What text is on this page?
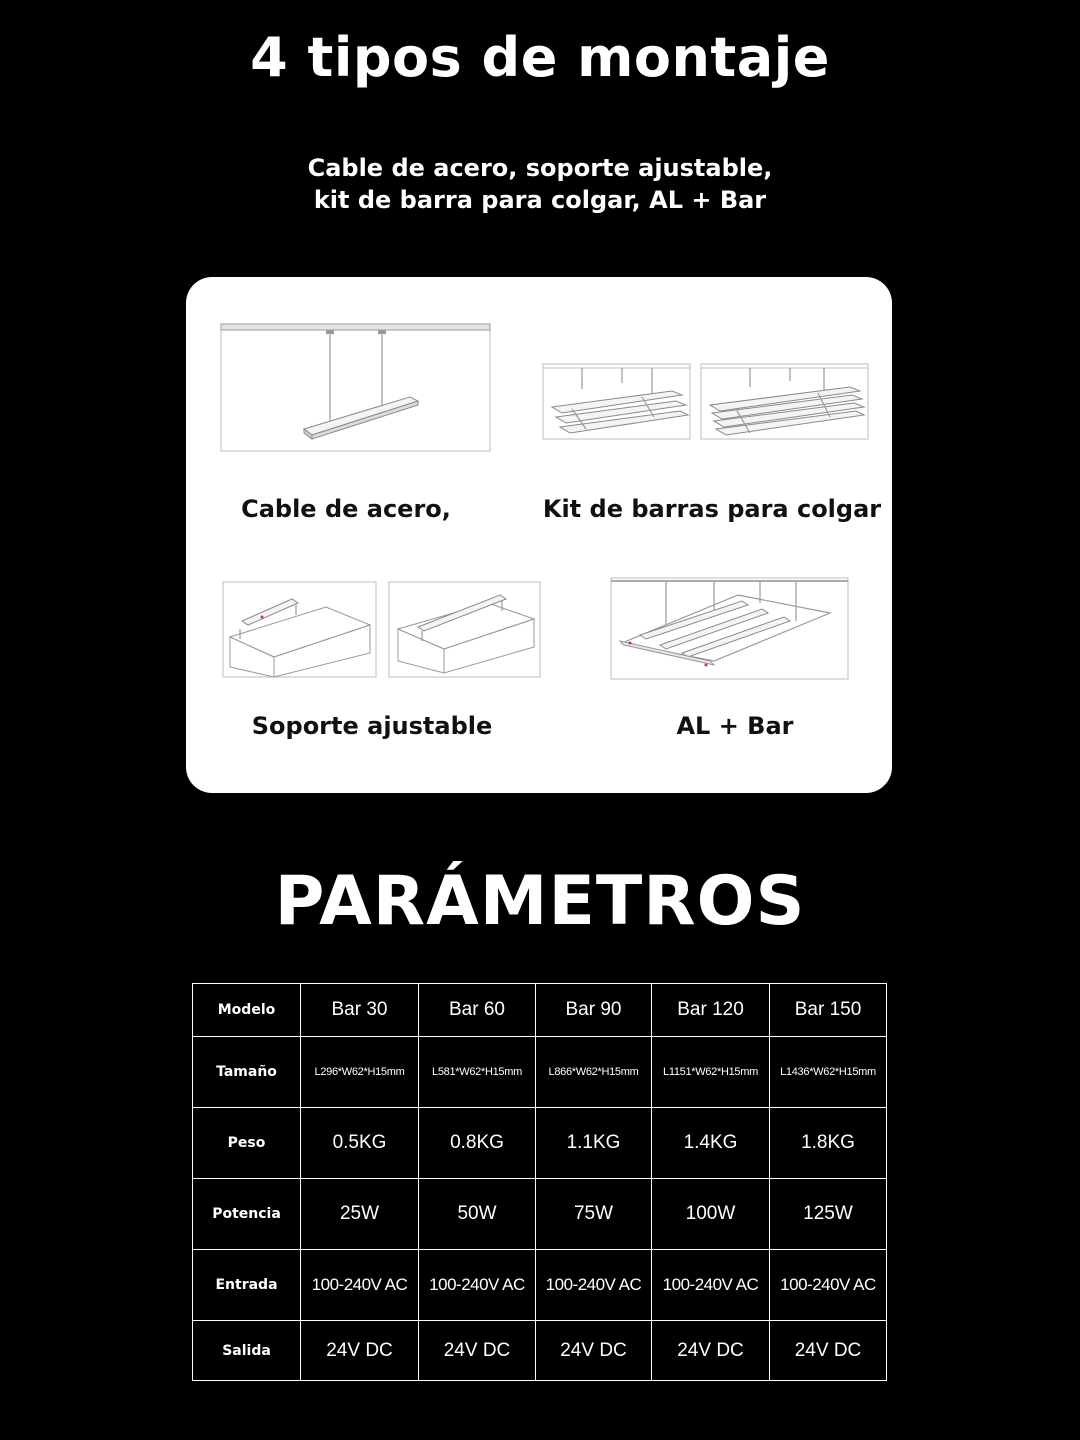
4 tipos de montaje
Cable de acero, soporte ajustable,
kit de barra para colgar, AL + Bar
Cable de acero,	Kit de barras para colgar
Soporte ajustable	AL + Bar
PARÁMETROS
Modelo	Bar 30	Bar 60	Bar 90	Bar 120	Bar 150
Tamaño	L296*W62*H15mm	L581*W62*H15mm	L866*W62*H15mm	L1151*W62*H15mm	L1436*W62*H15mm
Peso	0.5KG	0.8KG	1.1KG	1.4KG	1.8KG
Potencia	25W	50W	75W	100W	125W
Entrada	100-240V AC	100-240V AC	100-240V AC	100-240V AC	100-240V AC
Salida	24V DC	24V DC	24V DC	24V DC	24V DC
